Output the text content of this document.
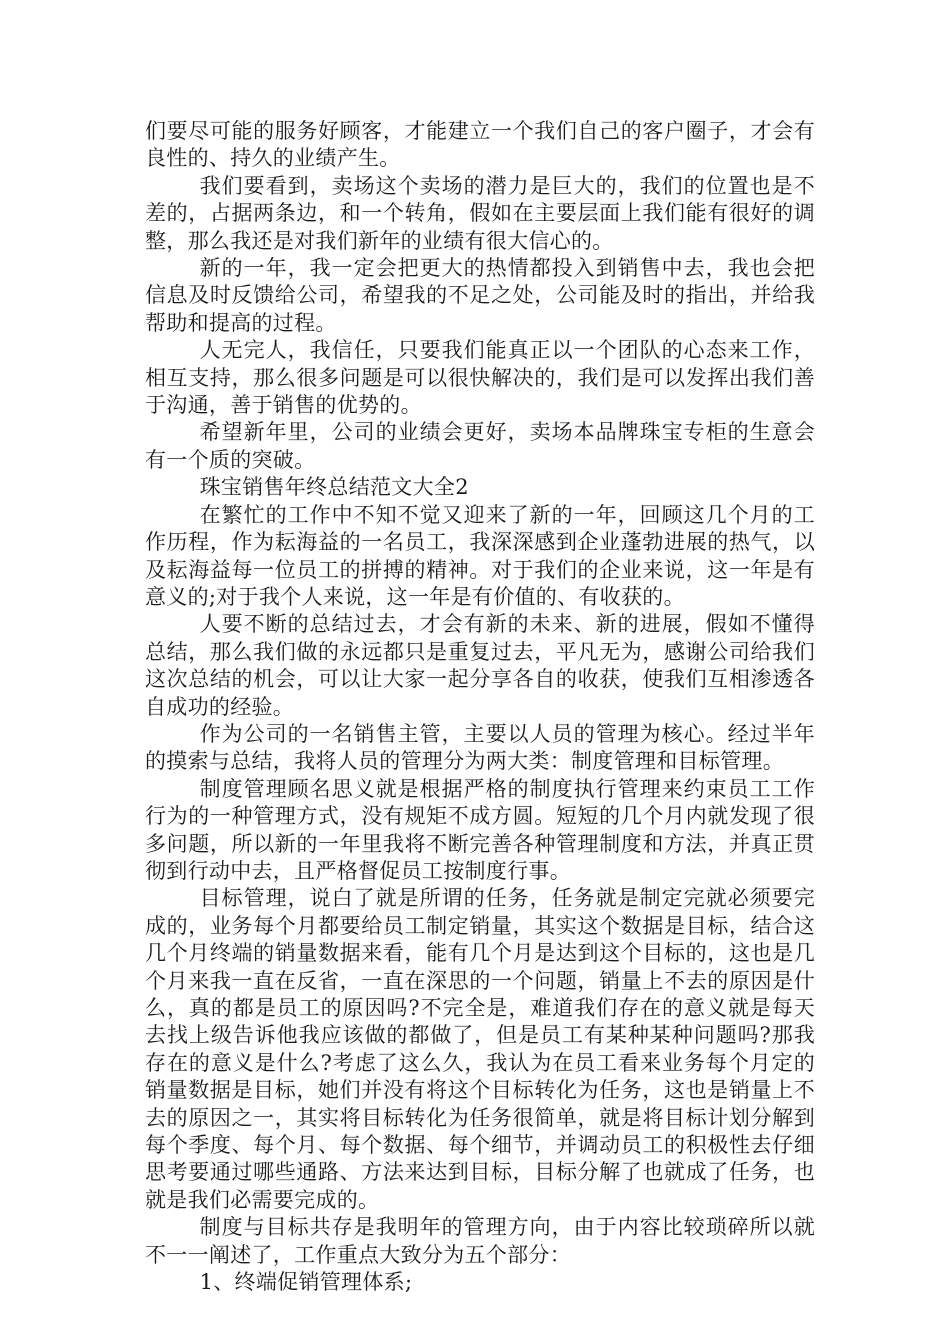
们要尽可能的服务好顾客，才能建立一个我们自己的客户圈子，才会有良性的、持久的业绩产生。

我们要看到，卖场这个卖场的潜力是巨大的，我们的位置也是不差的，占据两条边，和一个转角，假如在主要层面上我们能有很好的调整，那么我还是对我们新年的业绩有很大信心的。

新的一年，我一定会把更大的热情都投入到销售中去，我也会把信息及时反馈给公司，希望我的不足之处，公司能及时的指出，并给我帮助和提高的过程。

人无完人，我信任，只要我们能真正以一个团队的心态来工作，相互支持，那么很多问题是可以很快解决的，我们是可以发挥出我们善于沟通，善于销售的优势的。

希望新年里，公司的业绩会更好，卖场本品牌珠宝专柜的生意会有一个质的突破。

珠宝销售年终总结范文大全2

在繁忙的工作中不知不觉又迎来了新的一年，回顾这几个月的工作历程，作为耘海益的一名员工，我深深感到企业蓬勃进展的热气，以及耘海益每一位员工的拼搏的精神。对于我们的企业来说，这一年是有意义的;对于我个人来说，这一年是有价值的、有收获的。

人要不断的总结过去，才会有新的未来、新的进展，假如不懂得总结，那么我们做的永远都只是重复过去，平凡无为，感谢公司给我们这次总结的机会，可以让大家一起分享各自的收获，使我们互相渗透各自成功的经验。

作为公司的一名销售主管，主要以人员的管理为核心。经过半年的摸索与总结，我将人员的管理分为两大类：制度管理和目标管理。

制度管理顾名思义就是根据严格的制度执行管理来约束员工工作行为的一种管理方式，没有规矩不成方圆。短短的几个月内就发现了很多问题，所以新的一年里我将不断完善各种管理制度和方法，并真正贯彻到行动中去，且严格督促员工按制度行事。

目标管理，说白了就是所谓的任务，任务就是制定完就必须要完成的，业务每个月都要给员工制定销量，其实这个数据是目标，结合这几个月终端的销量数据来看，能有几个月是达到这个目标的，这也是几个月来我一直在反省，一直在深思的一个问题，销量上不去的原因是什么，真的都是员工的原因吗?不完全是，难道我们存在的意义就是每天去找上级告诉他我应该做的都做了，但是员工有某种某种问题吗?那我存在的意义是什么?考虑了这么久，我认为在员工看来业务每个月定的销量数据是目标，她们并没有将这个目标转化为任务，这也是销量上不去的原因之一，其实将目标转化为任务很简单，就是将目标计划分解到每个季度、每个月、每个数据、每个细节，并调动员工的积极性去仔细思考要通过哪些通路、方法来达到目标，目标分解了也就成了任务，也就是我们必需要完成的。

制度与目标共存是我明年的管理方向，由于内容比较琐碎所以就不一一阐述了，工作重点大致分为五个部分：

1、终端促销管理体系;
